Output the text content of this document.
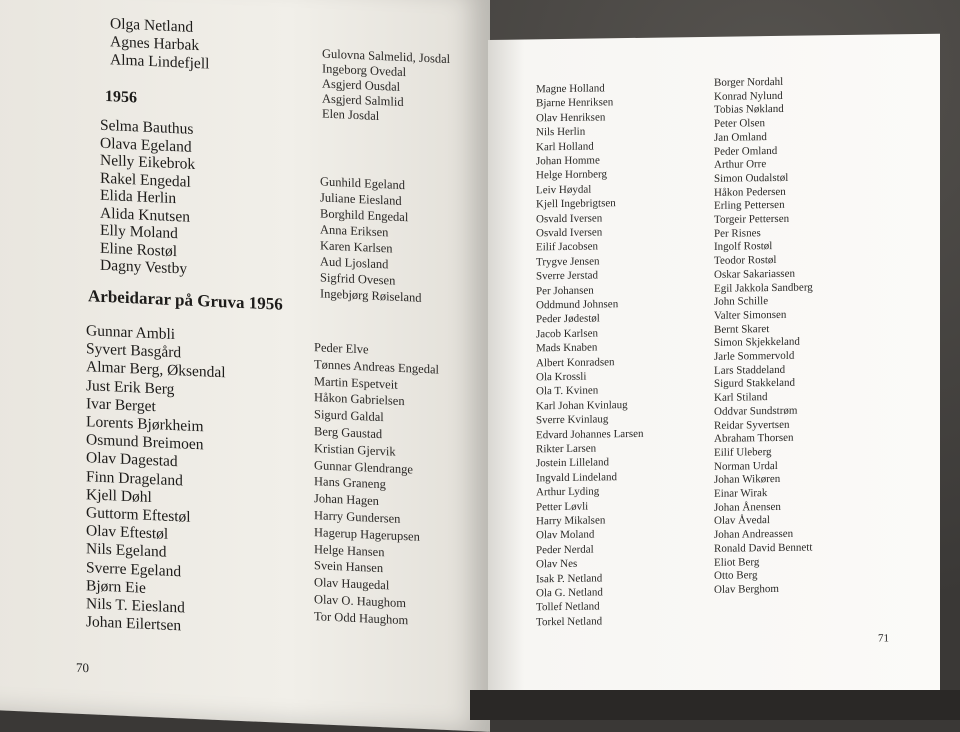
Olga Netland
Agnes Harbak
Alma Lindefjell	Gulovna Salmelid, Josdal
Ingeborg Ovedal
Asgjerd Ousdal
Asgjerd Salmlid
Elen Josdal
1956
Selma Bauthus
Olava Egeland
Nelly Eikebrok
Rakel Engedal
Elida Herlin
Alida Knutsen
Elly Moland
Eline Rostøl
Dagny Vestby
Gunhild Egeland
Juliane Eiesland
Borghild Engedal
Anna Eriksen
Karen Karlsen
Aud Ljosland
Sigfrid Ovesen
Ingebjørg Røiseland
Arbeidarar på Gruva 1956
Gunnar Ambli
Syvert Basgård
Almar Berg, Øksendal
Just Erik Berg
Ivar Berget
Lorents Bjørkheim
Osmund Breimoen
Olav Dagestad
Finn Drageland
Kjell Døhl
Guttorm Eftestøl
Olav Eftestøl
Nils Egeland
Sverre Egeland
Bjørn Eie
Nils T. Eiesland
Johan Eilertsen
Peder Elve
Tønnes Andreas Engedal
Martin Espetveit
Håkon Gabrielsen
Sigurd Galdal
Berg Gaustad
Kristian Gjervik
Gunnar Glendrange
Hans Graneng
Johan Hagen
Harry Gundersen
Hagerup Hagerupsen
Helge Hansen
Svein Hansen
Olav Haugedal
Olav O. Haughom
Tor Odd Haughom
70
Magne Holland
Bjarne Henriksen
Olav Henriksen
Nils Herlin
Karl Holland
Johan Homme
Helge Hornberg
Leiv Høydal
Kjell Ingebrigtsen
Osvald Iversen
Osvald Iversen
Eilif Jacobsen
Trygve Jensen
Sverre Jerstad
Per Johansen
Oddmund Johnsen
Peder Jødestøl
Jacob Karlsen
Mads Knaben
Albert Konradsen
Ola Krossli
Ola T. Kvinen
Karl Johan Kvinlaug
Sverre Kvinlaug
Edvard Johannes Larsen
Rikter Larsen
Jostein Lilleland
Ingvald Lindeland
Arthur Lyding
Petter Løvli
Harry Mikalsen
Olav Moland
Peder Nerdal
Olav Nes
Isak P. Netland
Ola G. Netland
Tollef Netland
Torkel Netland
Borger Nordahl
Konrad Nylund
Tobias Nøkland
Peter Olsen
Jan Omland
Peder Omland
Arthur Orre
Simon Oudalstøl
Håkon Pedersen
Erling Pettersen
Torgeir Pettersen
Per Risnes
Ingolf Rostøl
Teodor Rostøl
Oskar Sakariassen
Egil Jakkola Sandberg
John Schille
Valter Simonsen
Bernt Skaret
Simon Skjekkeland
Jarle Sommervold
Lars Staddeland
Sigurd Stakkeland
Karl Stiland
Oddvar Sundstrøm
Reidar Syvertsen
Abraham Thorsen
Eilif Uleberg
Norman Urdal
Johan Wikøren
Einar Wirak
Johan Ånensen
Olav Åvedal
Johan Andreassen
Ronald David Bennett
Eliot Berg
Otto Berg
Olav Berghom
71
